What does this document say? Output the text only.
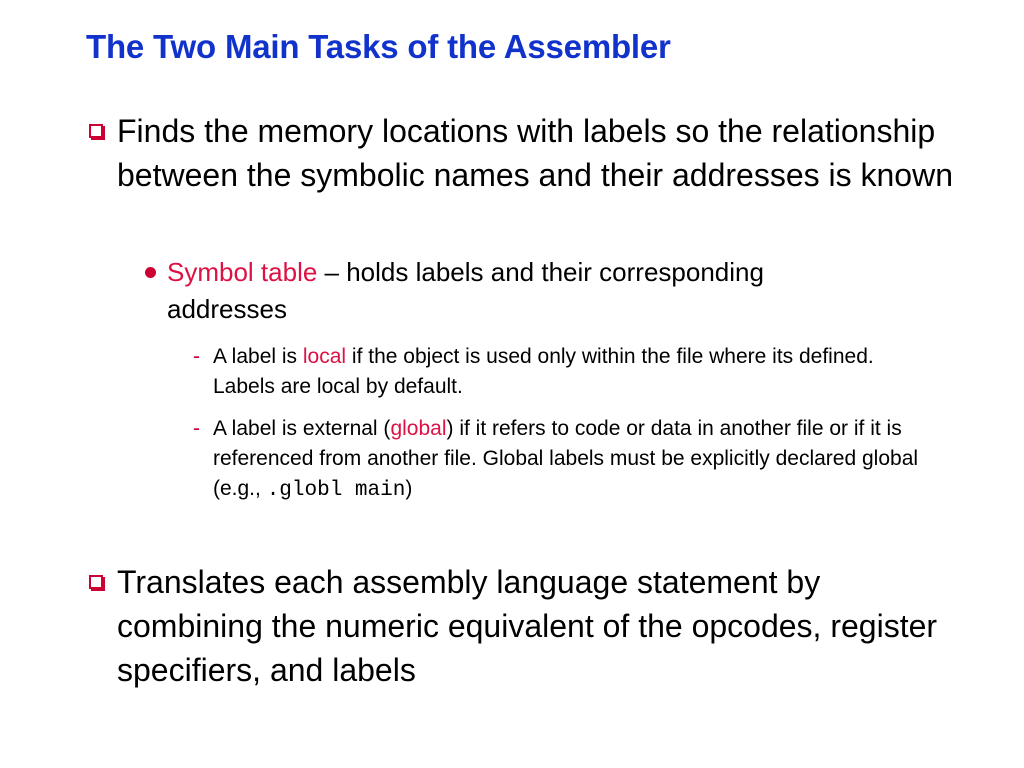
The Two Main Tasks of the Assembler
Finds the memory locations with labels so the relationship between the symbolic names and their addresses is known
Symbol table – holds labels and their corresponding addresses
- A label is local if the object is used only within the file where its defined. Labels are local by default.
- A label is external (global) if it refers to code or data in another file or if it is referenced from another file. Global labels must be explicitly declared global
(e.g., .globl main)
Translates each assembly language statement by combining the numeric equivalent of the opcodes, register specifiers, and labels
